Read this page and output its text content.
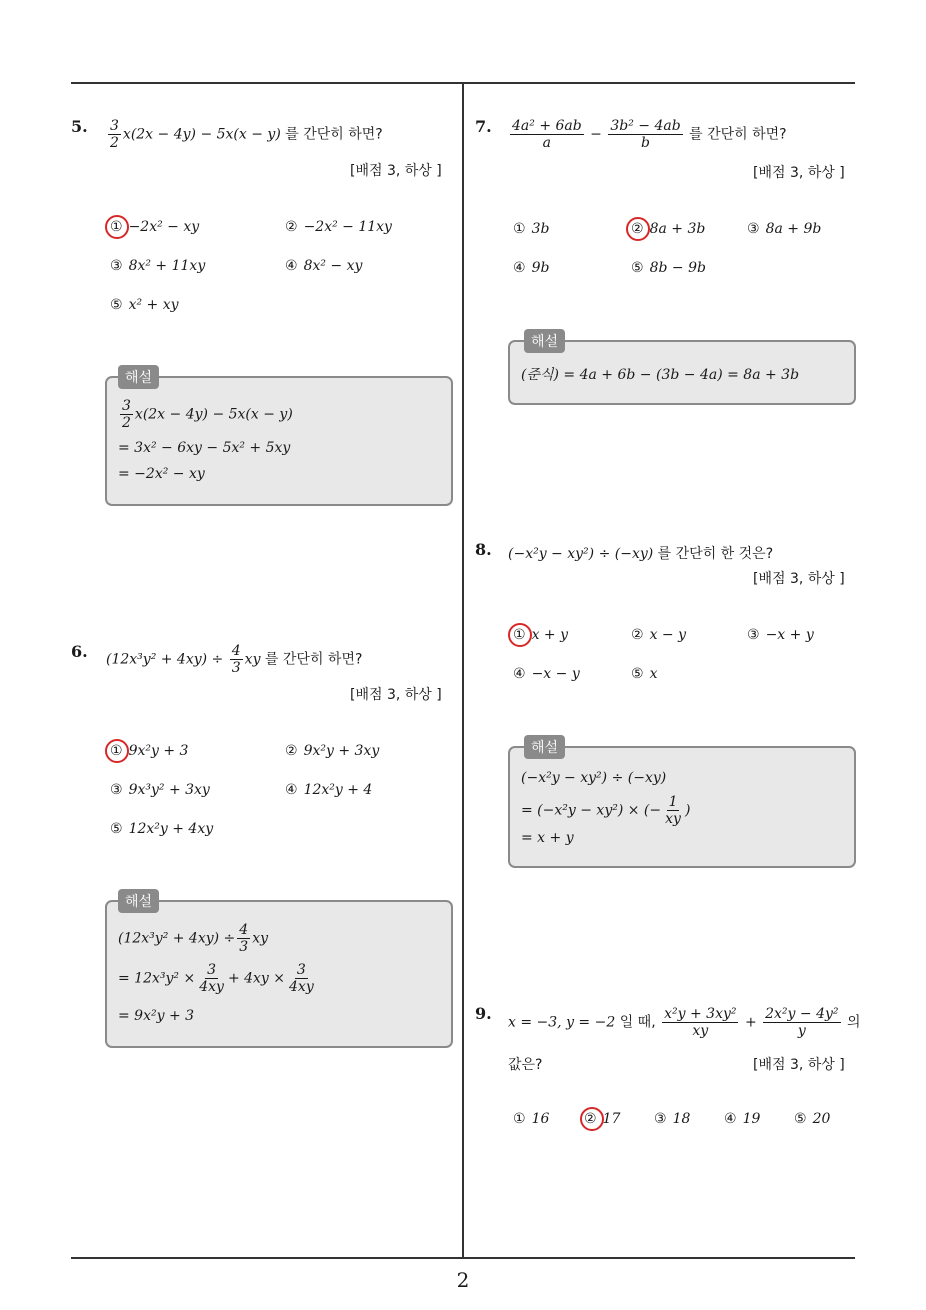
5. $\frac{3}{2} x(2x - 4y) - 5x(x - y)$ 를 간단히 하면?
[배점 3, 하상 ]
① −2x² − xy	② −2x² − 11xy
③ 8x² + 11xy	④ 8x² − xy
⑤ x² + xy
해설
$\frac{3}{2} x(2x - 4y) - 5x(x - y)$
= 3x² − 6xy − 5x² + 5xy
= −2x² − xy
6. $(12x^3y^2 + 4xy) \div \frac{4}{3}$ xy 를 간단히 하면?
[배점 3, 하상 ]
① 9x²y + 3	② 9x²y + 3xy
③ 9x³y² + 3xy	④ 12x²y + 4
⑤ 12x²y + 4xy
해설
$(12x^3y^2 + 4xy) \div \frac{4}{3}$ xy
= $12x^3y^2 \times \frac{3}{4xy} + 4xy \times \frac{3}{4xy}$
= 9x²y + 3
7. $\frac{\text{4a² + 6ab}}{a} - \frac{\text{3b² − 4ab}}{b}$ 를 간단히 하면?
[배점 3, 하상 ]
① 3b	② 8a + 3b	③ 8a + 9b
④ 9b	⑤ 8b − 9b
해설
(준식) = 4a + 6b − (3b − 4a) = 8a + 3b
8. (−x²y − xy²) ÷ (−xy) 를 간단히 한 것은?
[배점 3, 하상 ]
① x + y	② x − y	③ −x + y
④ −x − y	⑤ x
해설
(−x²y − xy²) ÷ (−xy)
= (−x²y − xy²) × (− $\frac{1}{xy}$ )
= x + y
9. x = −3, y = −2 일 때, $\frac{\text{x²y + 3xy²}}{xy} + \frac{\text{2x²y − 4y²}}{y}$ 의
값은?	[배점 3, 하상 ]
① 16 ② 17 ③ 18 ④ 19 ⑤ 20
2
